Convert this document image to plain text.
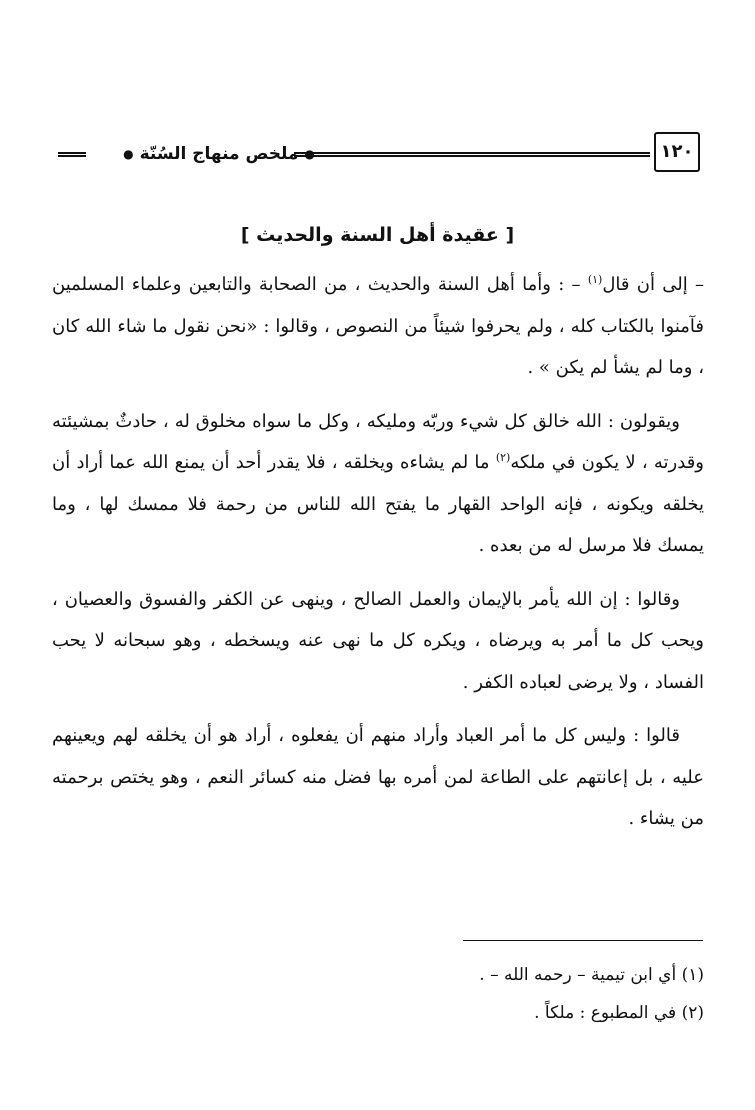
١٢٠
● ملخص منهاج السُنّة ●
[ عقيدة أهل السنة والحديث ]

– إلى أن قال$^{(١)}$ – : وأما أهل السنة والحديث ، من الصحابة والتابعين وعلماء المسلمين فآمنوا بالكتاب كله ، ولم يحرفوا شيئاً من النصوص ، وقالوا : «نحن نقول ما شاء الله كان ، وما لم يشأ لم يكن » .

ويقولون : الله خالق كل شيء وربّه ومليكه ، وكل ما سواه مخلوق له ، حادثٌ بمشيئته وقدرته ، لا يكون في ملكه$^{(٢)}$ ما لم يشاءه ويخلقه ، فلا يقدر أحد أن يمنع الله عما أراد أن يخلقه ويكونه ، فإنه الواحد القهار ما يفتح الله للناس من رحمة فلا ممسك لها ، وما يمسك فلا مرسل له من بعده .

وقالوا : إن الله يأمر بالإيمان والعمل الصالح ، وينهى عن الكفر والفسوق والعصيان ، ويحب كل ما أمر به ويرضاه ، ويكره كل ما نهى عنه ويسخطه ، وهو سبحانه لا يحب الفساد ، ولا يرضى لعباده الكفر .

قالوا : وليس كل ما أمر العباد وأراد منهم أن يفعلوه ، أراد هو أن يخلقه لهم ويعينهم عليه ، بل إعانتهم على الطاعة لمن أمره بها فضل منه كسائر النعم ، وهو يختص برحمته من يشاء .

(١) أي ابن تيمية – رحمه الله – .

(٢) في المطبوع : ملكاً .
